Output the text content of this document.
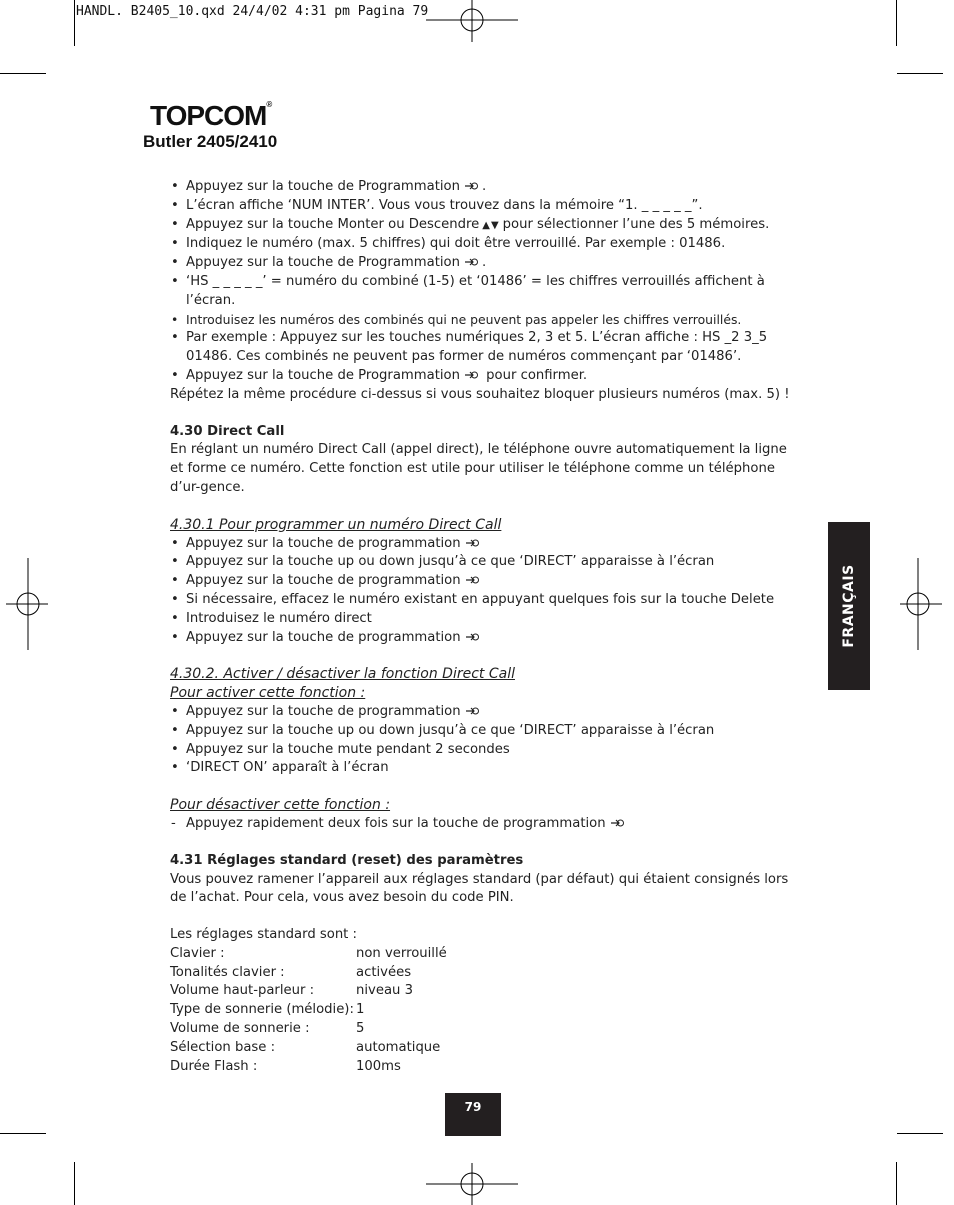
HANDL. B2405_10.qxd 24/4/02 4:31 pm Pagina 79
TOPCOM®
Butler 2405/2410
• Appuyez sur la touche de Programmation .
• L’écran affiche ‘NUM INTER’. Vous vous trouvez dans la mémoire “1. _ _ _ _ _”.
• Appuyez sur la touche Monter ou Descendre ▲▼ pour sélectionner l’une des 5 mémoires.
• Indiquez le numéro (max. 5 chiffres) qui doit être verrouillé. Par exemple : 01486.
• Appuyez sur la touche de Programmation .
• ‘HS _ _ _ _ _’ = numéro du combiné (1-5) et ‘01486’ = les chiffres verrouillés affichent à l’écran.
• Introduisez les numéros des combinés qui ne peuvent pas appeler les chiffres verrouillés.
• Par exemple : Appuyez sur les touches numériques 2, 3 et 5. L’écran affiche : HS _2 3_5 01486. Ces combinés ne peuvent pas former de numéros commençant par ‘01486’.
• Appuyez sur la touche de Programmation pour confirmer.

Répétez la même procédure ci-dessus si vous souhaitez bloquer plusieurs numéros (max. 5) !

4.30 Direct Call

En réglant un numéro Direct Call (appel direct), le téléphone ouvre automatiquement la ligne et forme ce numéro. Cette fonction est utile pour utiliser le téléphone comme un téléphone d’ur-gence.

4.30.1 Pour programmer un numéro Direct Call

• Appuyez sur la touche de programmation
• Appuyez sur la touche up ou down jusqu’à ce que ‘DIRECT’ apparaisse à l’écran
• Appuyez sur la touche de programmation
• Si nécessaire, effacez le numéro existant en appuyant quelques fois sur la touche Delete
• Introduisez le numéro direct
• Appuyez sur la touche de programmation

4.30.2. Activer / désactiver la fonction Direct Call

Pour activer cette fonction :

• Appuyez sur la touche de programmation
• Appuyez sur la touche up ou down jusqu’à ce que ‘DIRECT’ apparaisse à l’écran
• Appuyez sur la touche mute pendant 2 secondes
• ‘DIRECT ON’ apparaît à l’écran

Pour désactiver cette fonction :

- Appuyez rapidement deux fois sur la touche de programmation

4.31 Réglages standard (reset) des paramètres

Vous pouvez ramener l’appareil aux réglages standard (par défaut) qui étaient consignés lors de l’achat. Pour cela, vous avez besoin du code PIN.

Les réglages standard sont :

Clavier :	non verrouillé
Tonalités clavier :	activées
Volume haut-parleur :	niveau 3
Type de sonnerie (mélodie): 1
Volume de sonnerie :	5
Sélection base :	automatique
Durée Flash :	100ms
FRANÇAIS
79
